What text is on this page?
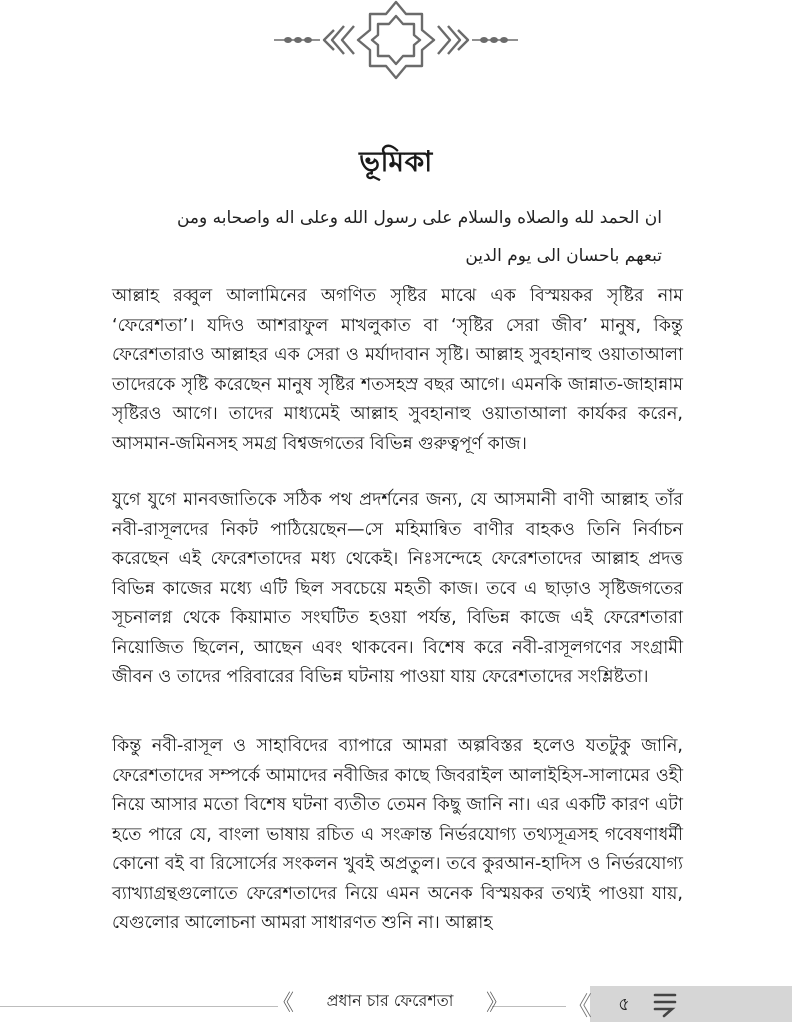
ভূমিকা
ان الحمد لله والصلاه والسلام على رسول الله وعلى اله واصحابه ومن
تبعهم باحسان الى يوم الدين

আল্লাহ রব্বুল আলামিনের অগণিত সৃষ্টির মাঝে এক বিস্ময়কর সৃষ্টির নাম ‘ফেরেশতা’। যদিও আশরাফুল মাখলুকাত বা ‘সৃষ্টির সেরা জীব’ মানুষ, কিন্তু ফেরেশতারাও আল্লাহর এক সেরা ও মর্যাদাবান সৃষ্টি। আল্লাহ সুবহানাহু ওয়াতাআলা তাদেরকে সৃষ্টি করেছেন মানুষ সৃষ্টির শতসহস্র বছর আগে। এমনকি জান্নাত-জাহান্নাম সৃষ্টিরও আগে। তাদের মাধ্যমেই আল্লাহ সুবহানাহু ওয়াতাআলা কার্যকর করেন, আসমান-জমিনসহ সমগ্র বিশ্বজগতের বিভিন্ন গুরুত্বপূর্ণ কাজ।

যুগে যুগে মানবজাতিকে সঠিক পথ প্রদর্শনের জন্য, যে আসমানী বাণী আল্লাহ তাঁর নবী-রাসূলদের নিকট পাঠিয়েছেন—সে মহিমান্বিত বাণীর বাহকও তিনি নির্বাচন করেছেন এই ফেরেশতাদের মধ্য থেকেই। নিঃসন্দেহে ফেরেশতাদের আল্লাহ প্রদত্ত বিভিন্ন কাজের মধ্যে এটি ছিল সবচেয়ে মহতী কাজ। তবে এ ছাড়াও সৃষ্টিজগতের সূচনালগ্ন থেকে কিয়ামাত সংঘটিত হওয়া পর্যন্ত, বিভিন্ন কাজে এই ফেরেশতারা নিয়োজিত ছিলেন, আছেন এবং থাকবেন। বিশেষ করে নবী-রাসূলগণের সংগ্রামী জীবন ও তাদের পরিবারের বিভিন্ন ঘটনায় পাওয়া যায় ফেরেশতাদের সংশ্লিষ্টতা।

কিন্তু নবী-রাসূল ও সাহাবিদের ব্যাপারে আমরা অল্পবিস্তর হলেও যতটুকু জানি, ফেরেশতাদের সম্পর্কে আমাদের নবীজির কাছে জিবরাইল আলাইহিস-সালামের ওহী নিয়ে আসার মতো বিশেষ ঘটনা ব্যতীত তেমন কিছু জানি না। এর একটি কারণ এটা হতে পারে যে, বাংলা ভাষায় রচিত এ সংক্রান্ত নির্ভরযোগ্য তথ্যসূত্রসহ গবেষণাধর্মী কোনো বই বা রিসোর্সের সংকলন খুবই অপ্রতুল। তবে কুরআন-হাদিস ও নির্ভরযোগ্য ব্যাখ্যাগ্রন্থগুলোতে ফেরেশতাদের নিয়ে এমন অনেক বিস্ময়কর তথ্যই পাওয়া যায়, যেগুলোর আলোচনা আমরা সাধারণত শুনি না। আল্লাহ

《	প্রধান চার ফেরেশতা	》 《	৫
